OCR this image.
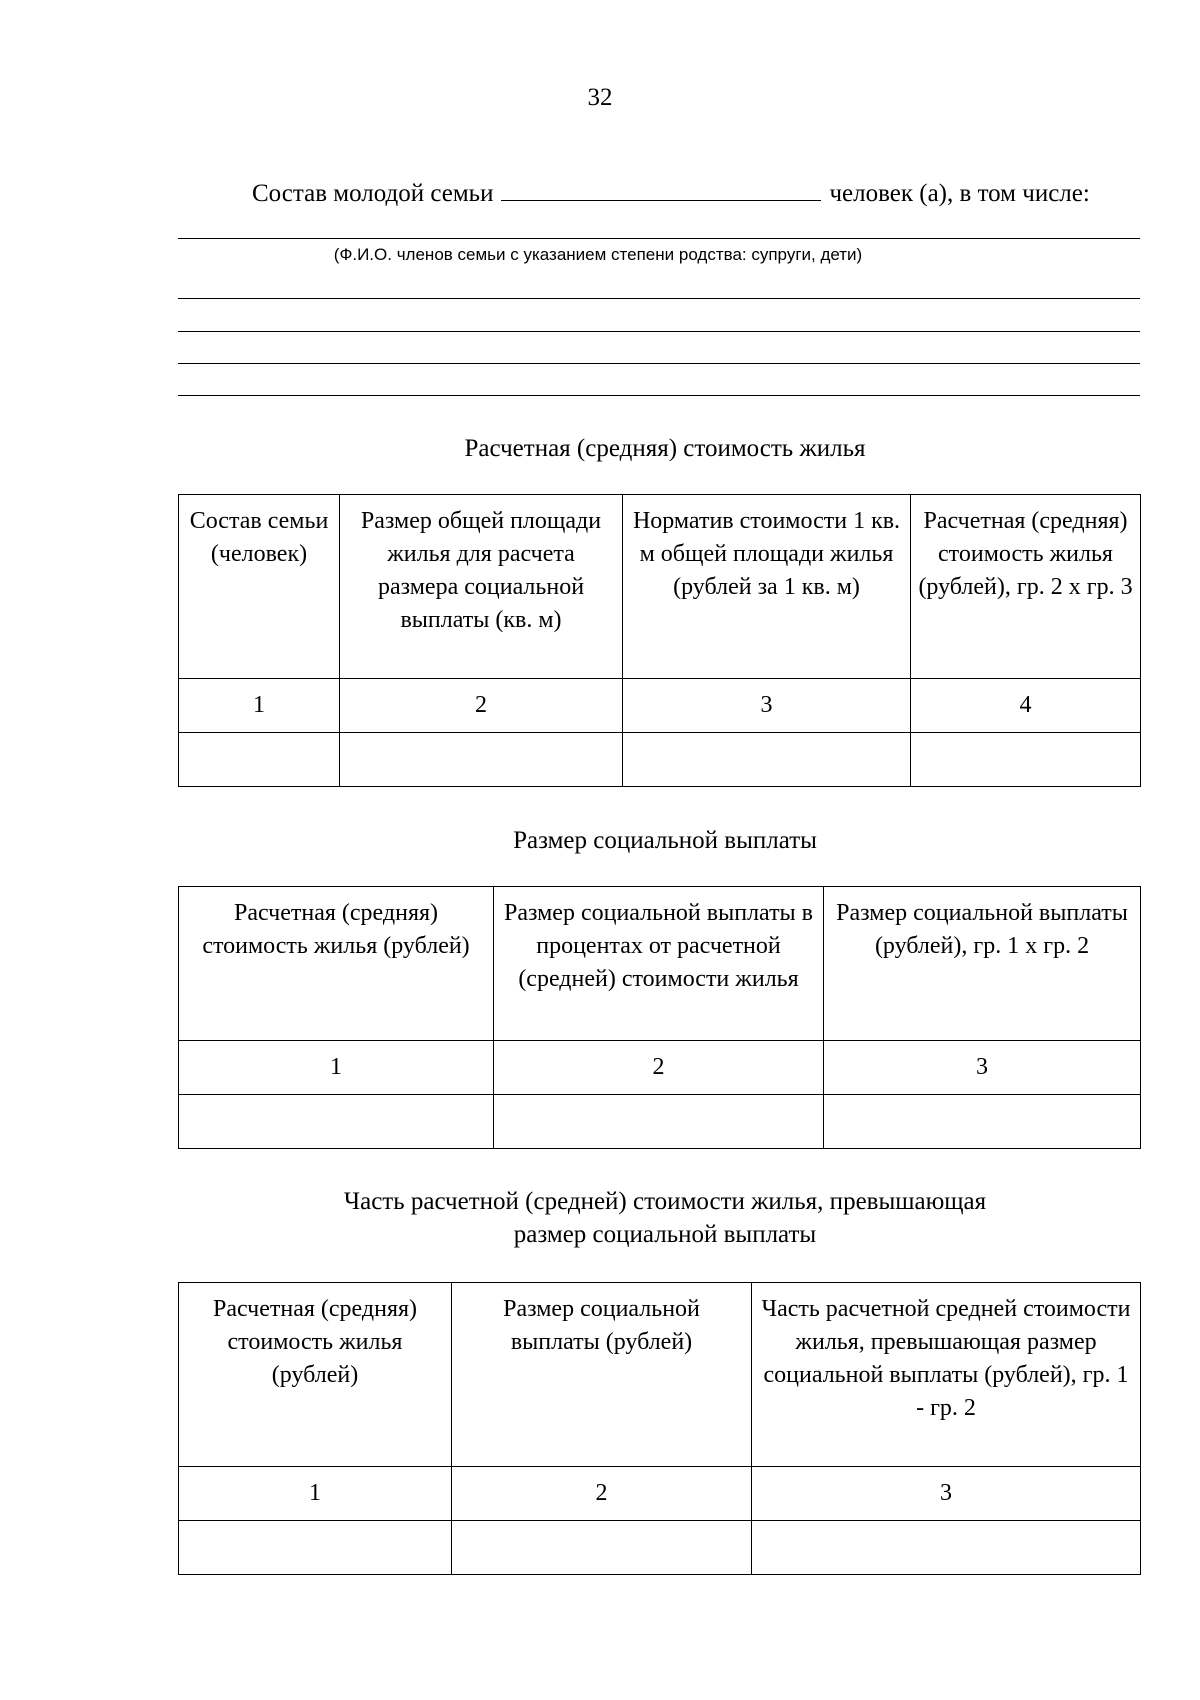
32
Состав молодой семьи	человек (а), в том числе:
(Ф.И.О. членов семьи с указанием степени родства: супруги, дети)
Расчетная (средняя) стоимость жилья
Состав семьи (человек)	Размер общей площади жилья для расчета размера социальной выплаты (кв. м)	Норматив стоимости 1 кв. м общей площади жилья (рублей за 1 кв. м)	Расчетная (средняя) стоимость жилья (рублей), гр. 2 х гр. 3
1	2	3	4

Размер социальной выплаты
Расчетная (средняя) стоимость жилья (рублей)	Размер социальной выплаты в процентах от расчетной (средней) стоимости жилья	Размер социальной выплаты (рублей), гр. 1 х гр. 2
1	2	3

Часть расчетной (средней) стоимости жилья, превышающая
размер социальной выплаты
Расчетная (средняя) стоимость жилья (рублей)	Размер социальной выплаты (рублей)	Часть расчетной средней стоимости жилья, превышающая размер социальной выплаты (рублей), гр. 1 - гр. 2
1	2	3
